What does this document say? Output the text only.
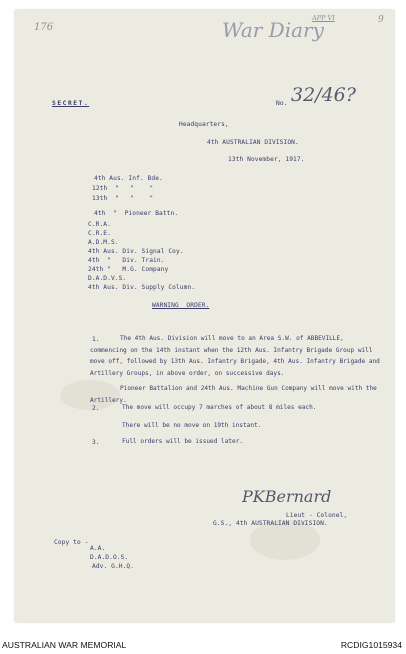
176	War Diary
APP VI	9
SECRET.	No. 32/46?
Headquarters,
4th AUSTRALIAN DIVISION.
13th November, 1917.
4th Aus. Inf. Bde.
12th  "   "    "
13th  "   "    "
4th  "  Pioneer Battn.
C.R.A.
C.R.E.
A.D.M.S.
4th Aus. Div. Signal Coy.
4th  "   Div. Train.
24th "   M.G. Company
D.A.D.V.S.
4th Aus. Div. Supply Column.
WARNING  ORDER.
1.	The 4th Aus. Division will move to an Area S.W. of ABBEVILLE, commencing on the 14th instant when the 12th Aus. Infantry Brigade Group will move off, followed by 13th Aus. Infantry Brigade, 4th Aus. Infantry Brigade and Artillery Groups, in above order, on successive days.
Pioneer Battalion and 24th Aus. Machine Gun Company will move with the Artillery.
2.	The move will occupy 7 marches of about 8 miles each.
There will be no move on 19th instant.
3.	Full orders will be issued later.
PKBernard
Lieut - Colonel,
G.S., 4th AUSTRALIAN DIVISION.
Copy to -
A.A.
D.A.D.O.S.
Adv. G.H.Q.
AUSTRALIAN WAR MEMORIAL	RCDIG1015934
